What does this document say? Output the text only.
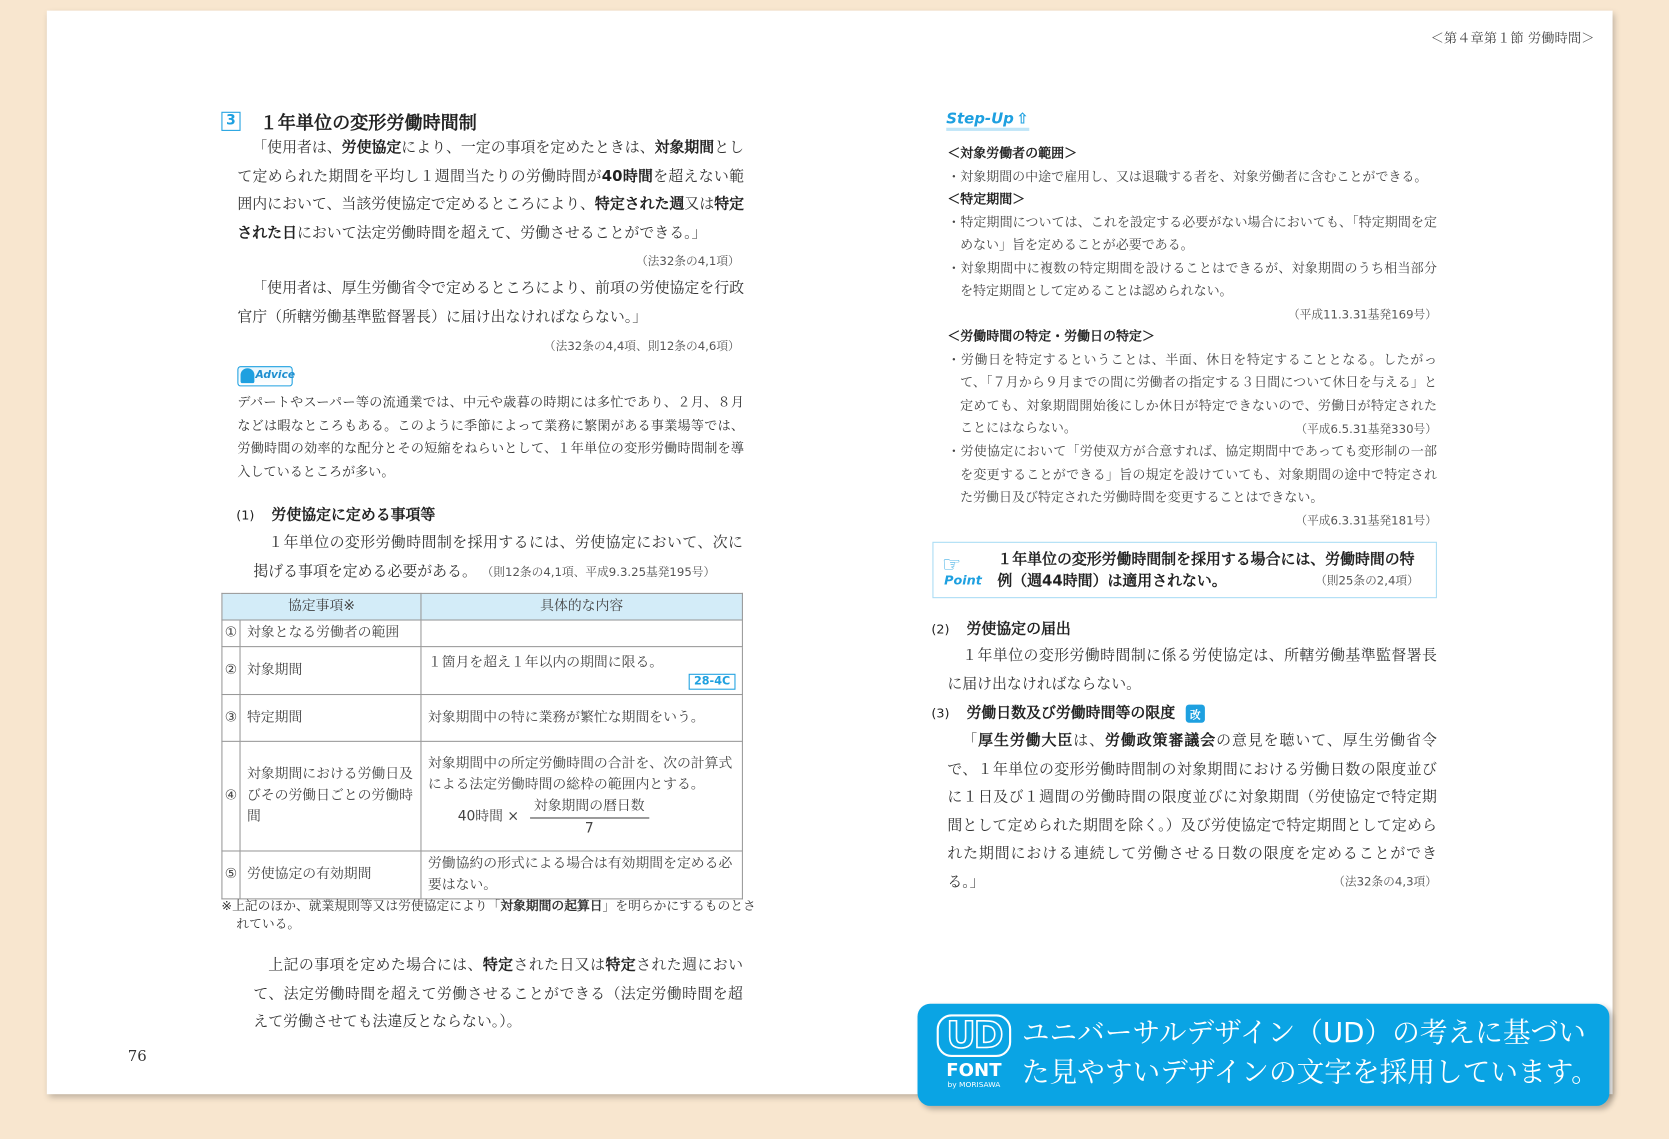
＜第４章第１節 労働時間＞
76
3 １年単位の変形労働時間制
「使用者は、労使協定により、一定の事項を定めたときは、対象期間として定められた期間を平均し１週間当たりの労働時間が40時間を超えない範囲内において、当該労使協定で定めるところにより、特定された週又は特定された日において法定労働時間を超えて、労働させることができる。」
（法32条の4,1項）
「使用者は、厚生労働省令で定めるところにより、前項の労使協定を行政官庁（所轄労働基準監督署長）に届け出なければならない。」
（法32条の4,4項、則12条の4,6項）
Advice
デパートやスーパー等の流通業では、中元や歳暮の時期には多忙であり、２月、８月などは暇なところもある。このように季節によって業務に繁閑がある事業場等では、労働時間の効率的な配分とその短縮をねらいとして、１年単位の変形労働時間制を導入しているところが多い。
(1) 労使協定に定める事項等
１年単位の変形労働時間制を採用するには、労使協定において、次に掲げる事項を定める必要がある。 （則12条の4,1項、平成9.3.25基発195号）
協定事項※		具体的な内容
①	対象となる労働者の範囲	
②	対象期間	１箇月を超え１年以内の期間に限る。
28-4C

③	特定期間	対象期間中の特に業務が繁忙な期間をいう。
④	対象期間における労働日及びその労働日ごとの労働時間	対象期間中の所定労働時間の合計を、次の計算式による法定労働時間の総枠の範囲内とする。
40時間 ×
対象期間の暦日数
7

⑤	労使協定の有効期間	労働協約の形式による場合は有効期間を定める必要はない。
※上記のほか、就業規則等又は労使協定により「対象期間の起算日」を明らかにするものとされている。
上記の事項を定めた場合には、特定された日又は特定された週において、法定労働時間を超えて労働させることができる（法定労働時間を超えて労働させても法違反とならない。）。
Step-Up ⇧
＜対象労働者の範囲＞
・対象期間の中途で雇用し、又は退職する者を、対象労働者に含むことができる。
＜特定期間＞
・特定期間については、これを設定する必要がない場合においても、「特定期間を定めない」旨を定めることが必要である。
・対象期間中に複数の特定期間を設けることはできるが、対象期間のうち相当部分を特定期間として定めることは認められない。
（平成11.3.31基発169号）
＜労働時間の特定・労働日の特定＞
・労働日を特定するということは、半面、休日を特定することとなる。したがって、「７月から９月までの間に労働者の指定する３日間について休日を与える」と定めても、対象期間開始後にしか休日が特定できないので、労働日が特定されたことにはならない。	（平成6.5.31基発330号）
・労使協定において「労使双方が合意すれば、協定期間中であっても変形制の一部を変更することができる」旨の規定を設けていても、対象期間の途中で特定された労働日及び特定された労働時間を変更することはできない。
（平成6.3.31基発181号）
☞
Point
１年単位の変形労働時間制を採用する場合には、労働時間の特例（週44時間）は適用されない。	（則25条の2,4項）
(2) 労使協定の届出
１年単位の変形労働時間制に係る労使協定は、所轄労働基準監督署長に届け出なければならない。
(3) 労働日数及び労働時間等の限度 改
「厚生労働大臣は、労働政策審議会の意見を聴いて、厚生労働省令で、１年単位の変形労働時間制の対象期間における労働日数の限度並びに１日及び１週間の労働時間の限度並びに対象期間（労使協定で特定期間として定められた期間を除く。）及び労使協定で特定期間として定められた期間における連続して労働させる日数の限度を定めることができる。」	（法32条の4,3項）
UD
FONT
by MORISAWA
ユニバーサルデザイン（UD）の考えに基づい
た見やすいデザインの文字を採用しています。
